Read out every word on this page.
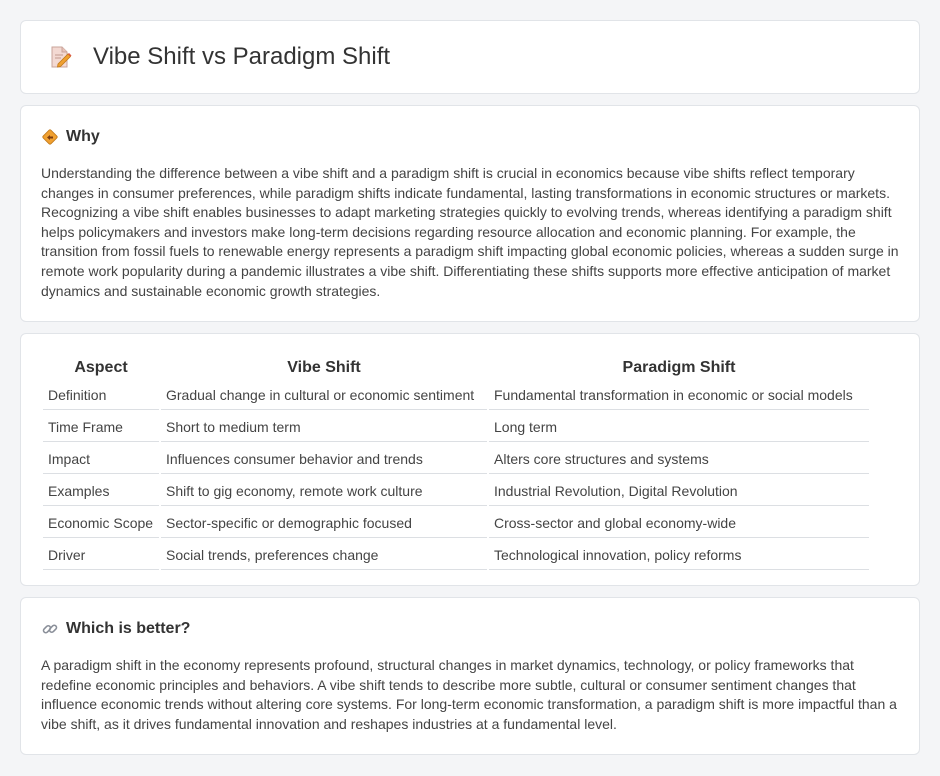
Vibe Shift vs Paradigm Shift
Why

Understanding the difference between a vibe shift and a paradigm shift is crucial in economics because vibe shifts reflect temporary changes in consumer preferences, while paradigm shifts indicate fundamental, lasting transformations in economic structures or markets. Recognizing a vibe shift enables businesses to adapt marketing strategies quickly to evolving trends, whereas identifying a paradigm shift helps policymakers and investors make long-term decisions regarding resource allocation and economic planning. For example, the transition from fossil fuels to renewable energy represents a paradigm shift impacting global economic policies, whereas a sudden surge in remote work popularity during a pandemic illustrates a vibe shift. Differentiating these shifts supports more effective anticipation of market dynamics and sustainable economic growth strategies.

Aspect	Vibe Shift	Paradigm Shift
Definition	Gradual change in cultural or economic sentiment	Fundamental transformation in economic or social models
Time Frame	Short to medium term	Long term
Impact	Influences consumer behavior and trends	Alters core structures and systems
Examples	Shift to gig economy, remote work culture	Industrial Revolution, Digital Revolution
Economic Scope	Sector-specific or demographic focused	Cross-sector and global economy-wide
Driver	Social trends, preferences change	Technological innovation, policy reforms
Which is better?

A paradigm shift in the economy represents profound, structural changes in market dynamics, technology, or policy frameworks that redefine economic principles and behaviors. A vibe shift tends to describe more subtle, cultural or consumer sentiment changes that influence economic trends without altering core systems. For long-term economic transformation, a paradigm shift is more impactful than a vibe shift, as it drives fundamental innovation and reshapes industries at a fundamental level.
